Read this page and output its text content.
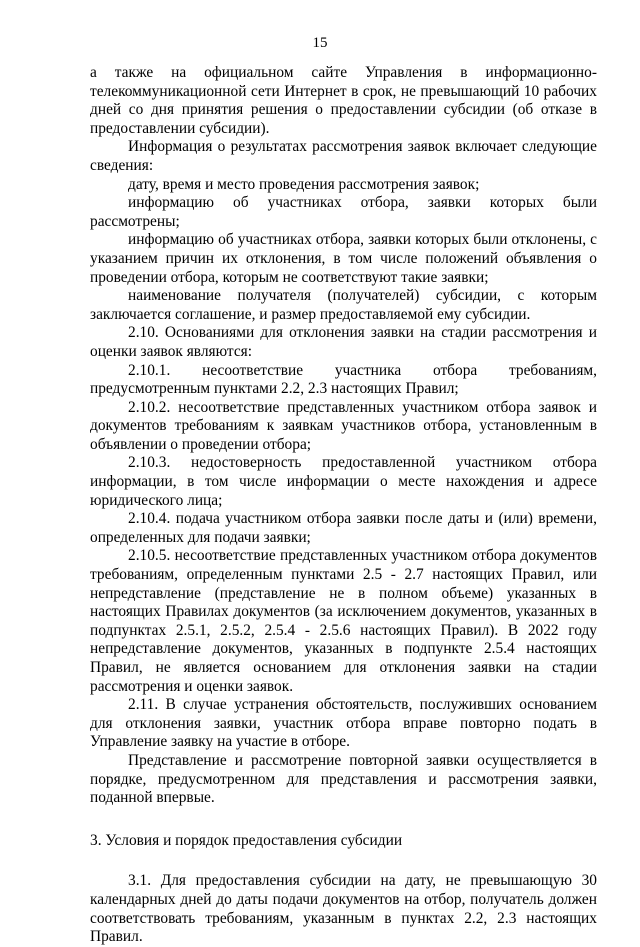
15

а также на официальном сайте Управления в информационно-телекоммуникационной сети Интернет в срок, не превышающий 10 рабочих дней со дня принятия решения о предоставлении субсидии (об отказе в предоставлении субсидии).

Информация о результатах рассмотрения заявок включает следующие сведения:

дату, время и место проведения рассмотрения заявок;

информацию об участниках отбора, заявки которых были рассмотрены;

информацию об участниках отбора, заявки которых были отклонены, с указанием причин их отклонения, в том числе положений объявления о проведении отбора, которым не соответствуют такие заявки;

наименование получателя (получателей) субсидии, с которым заключается соглашение, и размер предоставляемой ему субсидии.

2.10. Основаниями для отклонения заявки на стадии рассмотрения и оценки заявок являются:

2.10.1. несоответствие участника отбора требованиям, предусмотренным пунктами 2.2, 2.3 настоящих Правил;

2.10.2. несоответствие представленных участником отбора заявок и документов требованиям к заявкам участников отбора, установленным в объявлении о проведении отбора;

2.10.3. недостоверность предоставленной участником отбора информации, в том числе информации о месте нахождения и адресе юридического лица;

2.10.4. подача участником отбора заявки после даты и (или) времени, определенных для подачи заявки;

2.10.5. несоответствие представленных участником отбора документов требованиям, определенным пунктами 2.5 - 2.7 настоящих Правил, или непредставление (представление не в полном объеме) указанных в настоящих Правилах документов (за исключением документов, указанных в подпунктах 2.5.1, 2.5.2, 2.5.4 - 2.5.6 настоящих Правил). В 2022 году непредставление документов, указанных в подпункте 2.5.4 настоящих Правил, не является основанием для отклонения заявки на стадии рассмотрения и оценки заявок.

2.11. В случае устранения обстоятельств, послуживших основанием для отклонения заявки, участник отбора вправе повторно подать в Управление заявку на участие в отборе.

Представление и рассмотрение повторной заявки осуществляется в порядке, предусмотренном для представления и рассмотрения заявки, поданной впервые.

3. Условия и порядок предоставления субсидии

3.1. Для предоставления субсидии на дату, не превышающую 30 календарных дней до даты подачи документов на отбор, получатель должен соответствовать требованиям, указанным в пунктах 2.2, 2.3 настоящих Правил.
